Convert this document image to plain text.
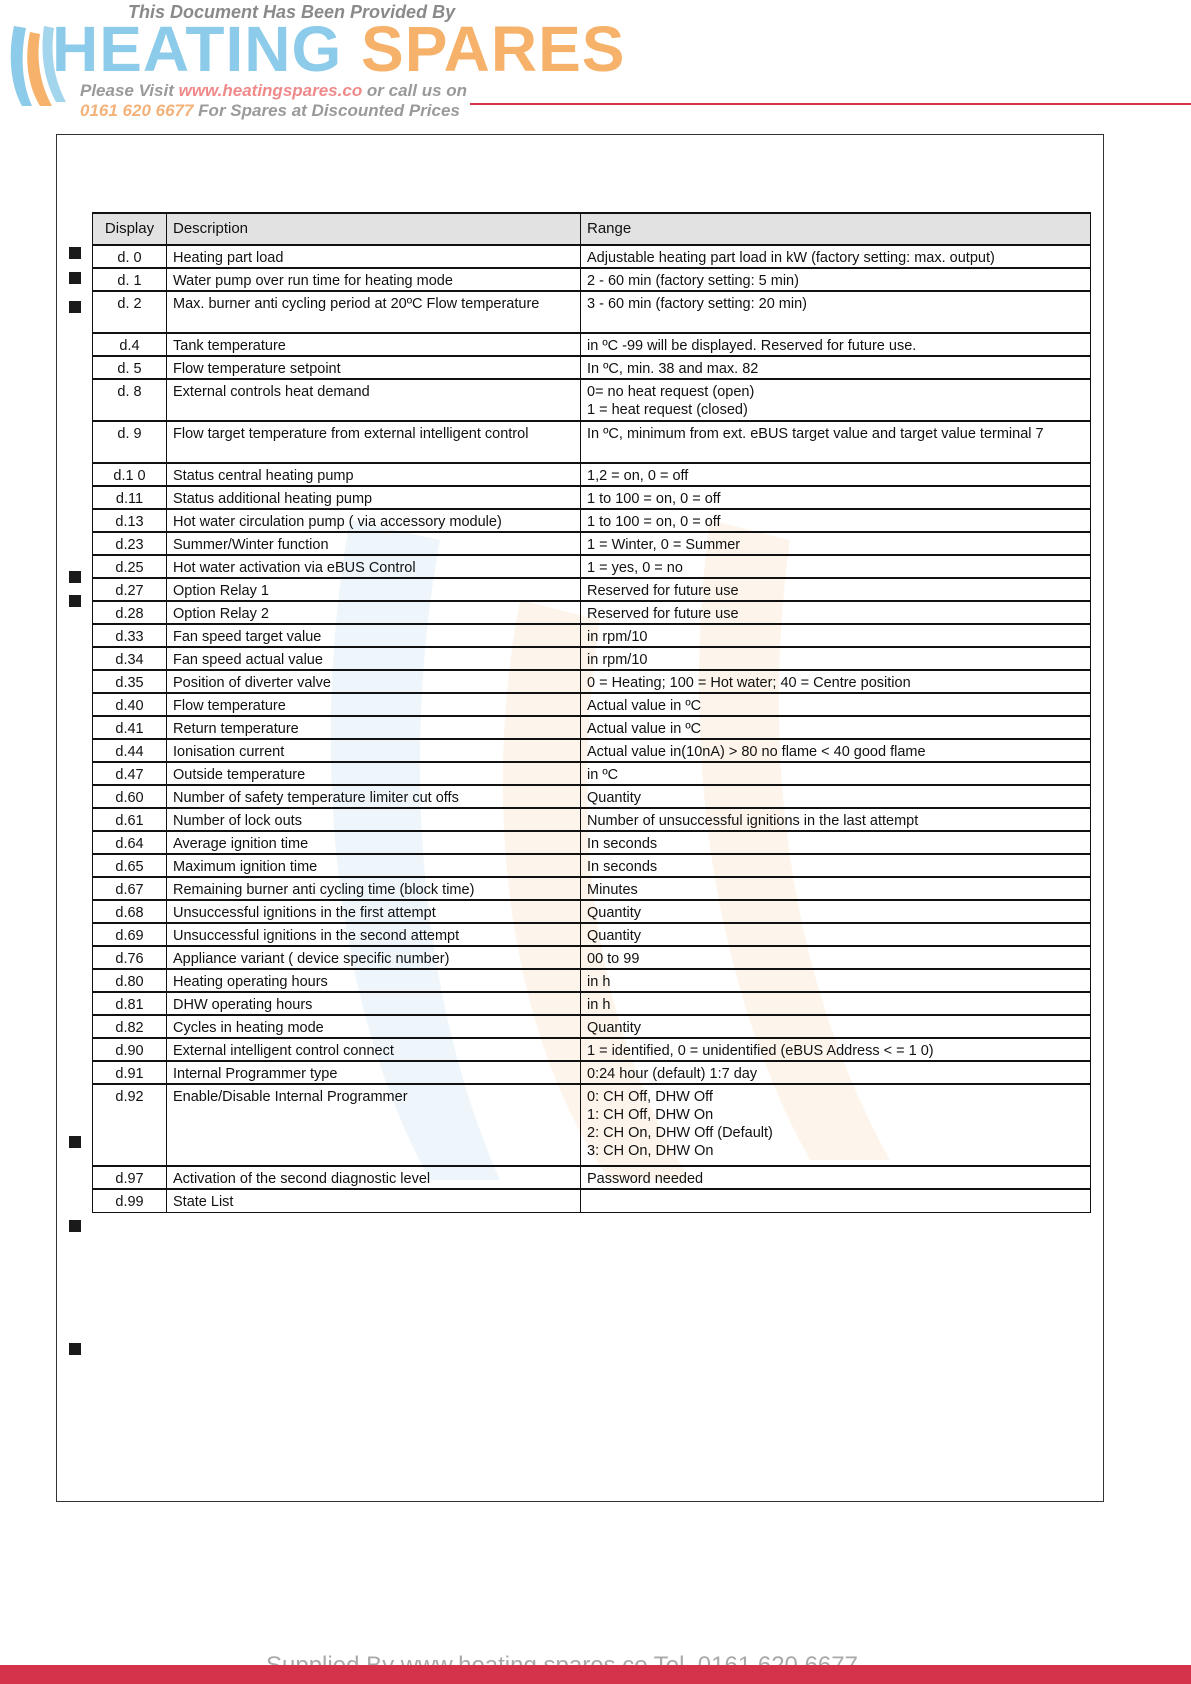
This Document Has Been Provided By
HEATING SPARES
Please Visit www.heatingspares.co or call us on
0161 620 6677 For Spares at Discounted Prices
Display	Description	Range
d. 0	Heating part load	Adjustable heating part load in kW (factory setting: max. output)

d. 1	Water pump over run time for heating mode	2 - 60 min (factory setting: 5 min)

d. 2	Max. burner anti cycling period at 20ºC Flow temperature	3 - 60 min (factory setting: 20 min)

d.4	Tank temperature	in ºC -99 will be displayed. Reserved for future use.

d. 5	Flow temperature setpoint	In ºC, min. 38 and max. 82

d. 8	External controls heat demand	0= no heat request (open)
1 = heat request (closed)

d. 9	Flow target temperature from external intelligent control	In ºC, minimum from ext. eBUS target value and target value terminal 7

d.1 0	Status central heating pump	1,2 = on, 0 = off

d.11	Status additional heating pump	1 to 100 = on, 0 = off

d.13	Hot water circulation pump ( via accessory module)	1 to 100 = on, 0 = off

d.23	Summer/Winter function	1 = Winter, 0 = Summer

d.25	Hot water activation via eBUS Control	1 = yes, 0 = no

d.27	Option Relay 1	Reserved for future use

d.28	Option Relay 2	Reserved for future use

d.33	Fan speed target value	in rpm/10

d.34	Fan speed actual value	in rpm/10

d.35	Position of diverter valve	0 = Heating; 100 = Hot water; 40 = Centre position

d.40	Flow temperature	Actual value in ºC

d.41	Return temperature	Actual value in ºC

d.44	Ionisation current	Actual value in(10nA) > 80 no flame < 40 good flame

d.47	Outside temperature	in ºC

d.60	Number of safety temperature limiter cut offs	Quantity

d.61	Number of lock outs	Number of unsuccessful ignitions in the last attempt

d.64	Average ignition time	In seconds

d.65	Maximum ignition time	In seconds

d.67	Remaining burner anti cycling time (block time)	Minutes

d.68	Unsuccessful ignitions in the first attempt	Quantity

d.69	Unsuccessful ignitions in the second attempt	Quantity

d.76	Appliance variant ( device specific number)	00 to 99

d.80	Heating operating hours	in h

d.81	DHW operating hours	in h

d.82	Cycles in heating mode	Quantity

d.90	External intelligent control connect	1 = identified, 0 = unidentified (eBUS Address < = 1 0)

d.91	Internal Programmer type	0:24 hour (default) 1:7 day

d.92	Enable/Disable Internal Programmer	0: CH Off, DHW Off
1: CH Off, DHW On
2: CH On, DHW Off (Default)
3: CH On, DHW On

d.97	Activation of the second diagnostic level	Password needed

d.99	State List	
